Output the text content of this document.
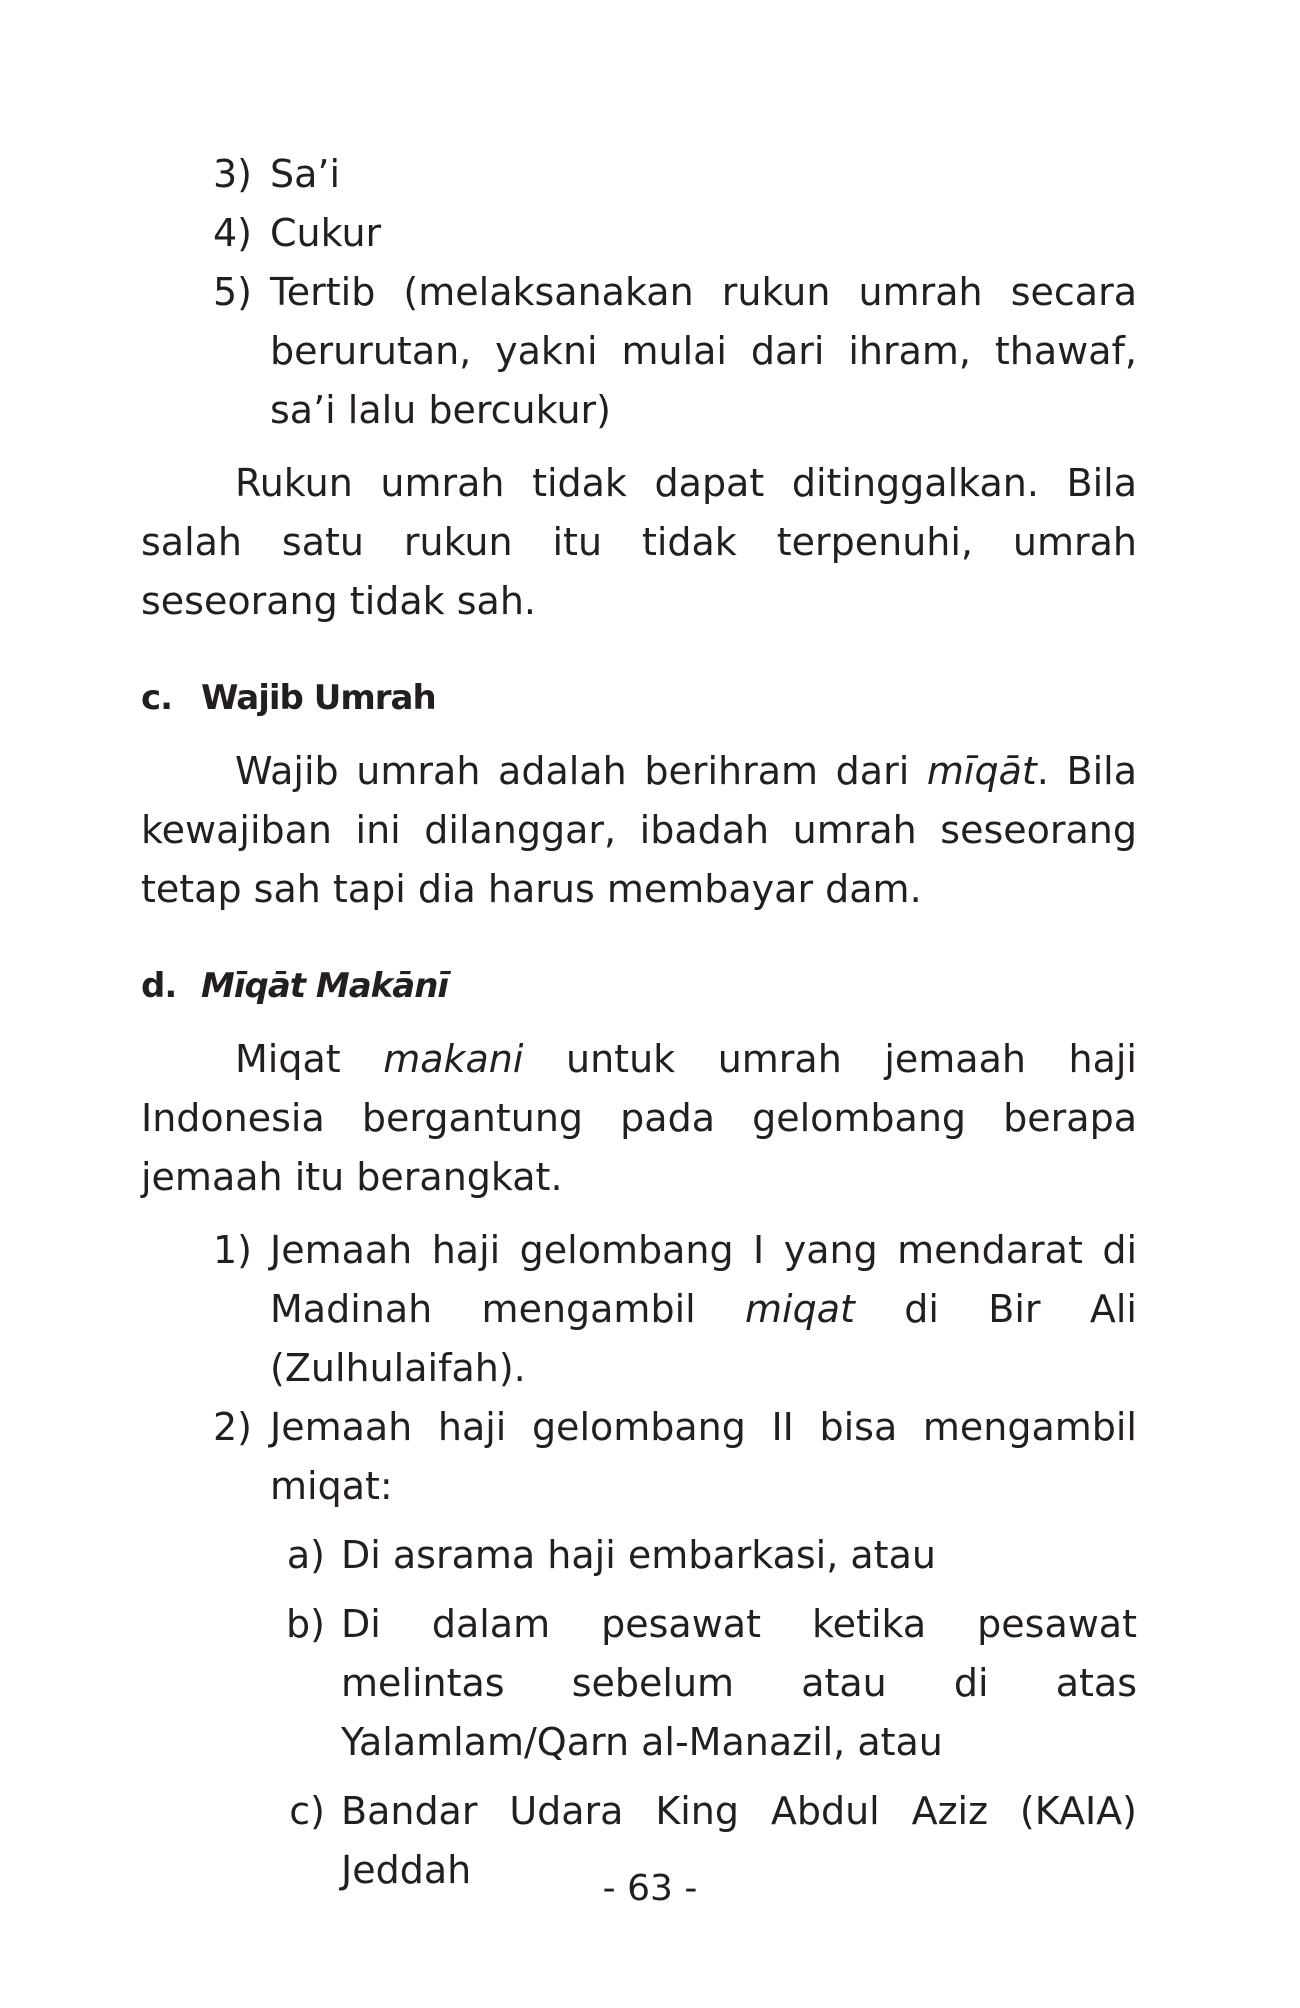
3) Sa’i
4) Cukur
5) Tertib (melaksanakan rukun umrah secara berurutan, yakni mulai dari ihram, thawaf, sa’i lalu bercukur)

Rukun umrah tidak dapat ditinggalkan. Bila salah satu rukun itu tidak terpenuhi, umrah seseorang tidak sah.

c. Wajib Umrah

Wajib umrah adalah berihram dari mīqāt. Bila kewajiban ini dilanggar, ibadah umrah seseorang tetap sah tapi dia harus membayar dam.

d. Mīqāt Makānī

Miqat makani untuk umrah jemaah haji Indonesia bergantung pada gelombang berapa jemaah itu berangkat.

1) Jemaah haji gelombang I yang mendarat di Madinah mengambil miqat di Bir Ali (Zulhulaifah).
2) Jemaah haji gelombang II bisa mengambil miqat:
a) Di asrama haji embarkasi, atau
b) Di dalam pesawat ketika pesawat melintas sebelum atau di atas Yalamlam/Qarn al-Manazil, atau
c) Bandar Udara King Abdul Aziz (KAIA) Jeddah	- 63 -
